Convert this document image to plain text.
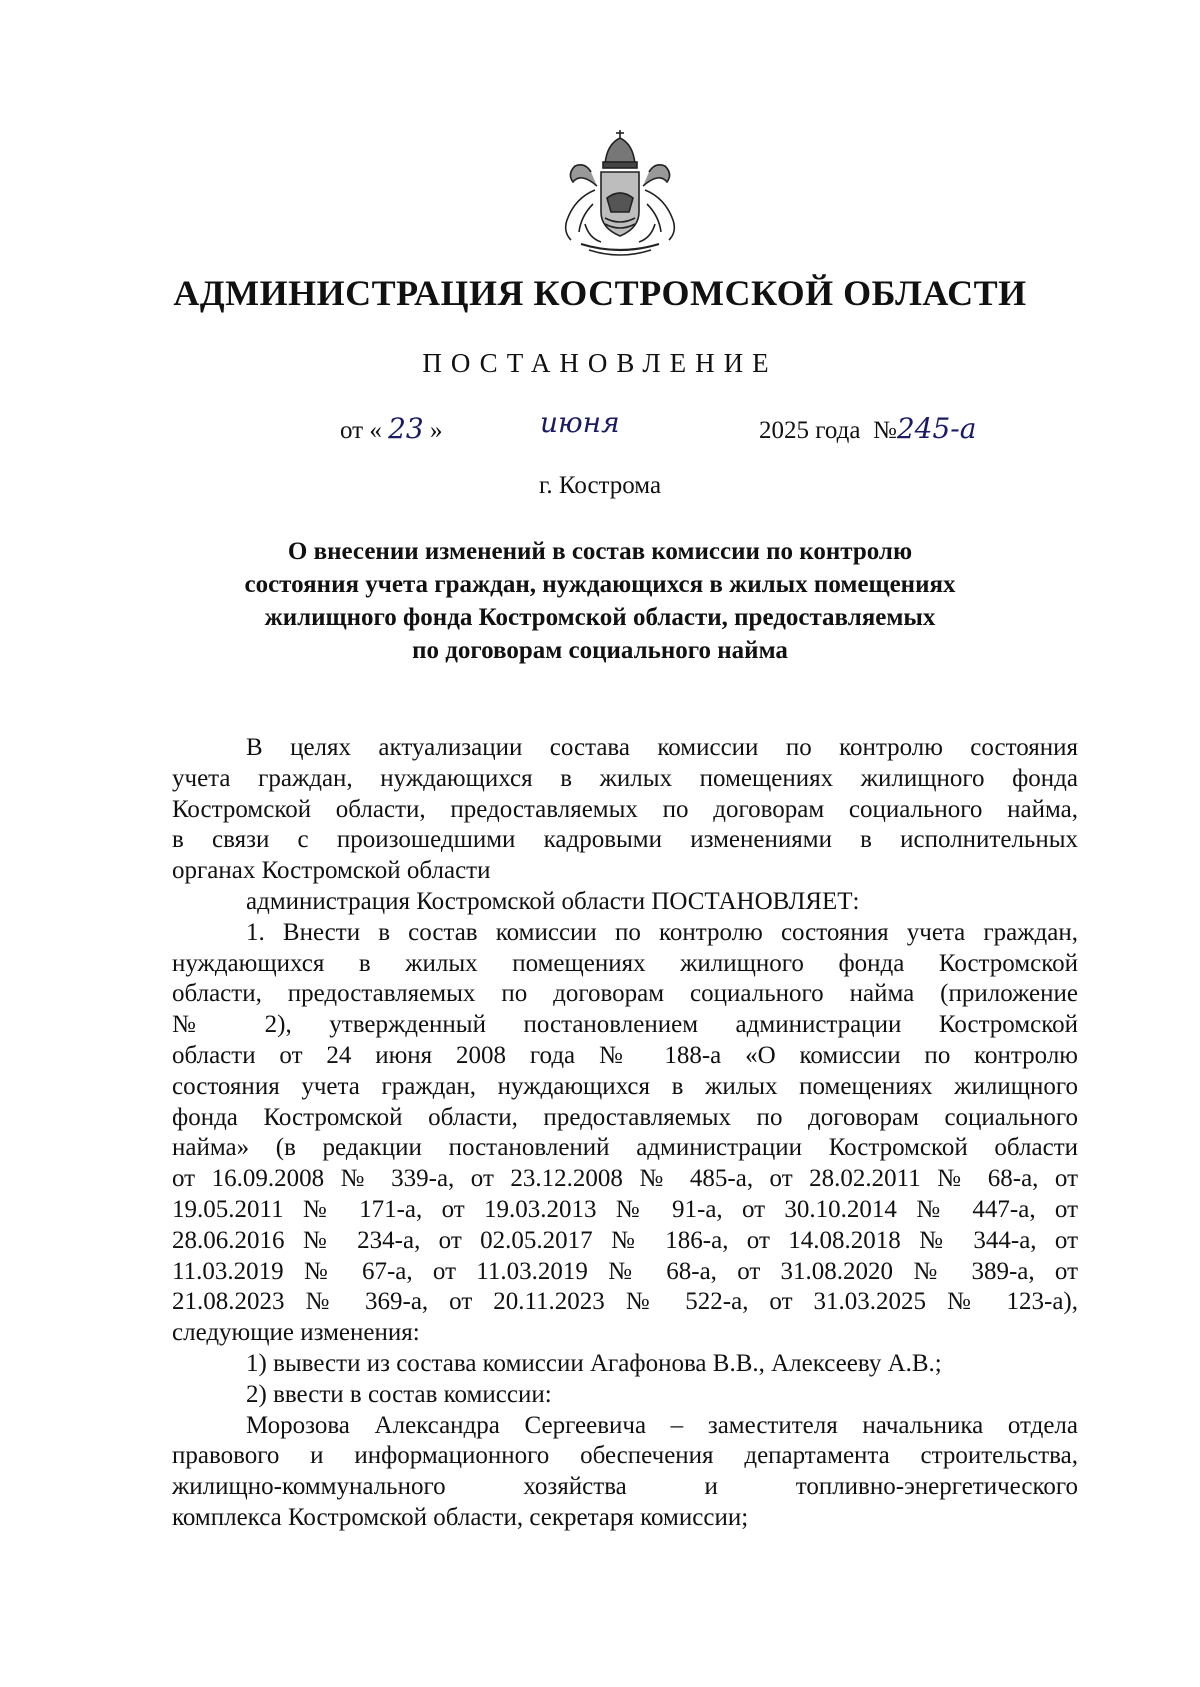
АДМИНИСТРАЦИЯ КОСТРОМСКОЙ ОБЛАСТИ
ПОСТАНОВЛЕНИЕ
от « 23 »	июня	2025 года №245-а
г. Кострома
О внесении изменений в состав комиссии по контролю
состояния учета граждан, нуждающихся в жилых помещениях
жилищного фонда Костромской области, предоставляемых
по договорам социального найма
В целях актуализации состава комиссии по контролю состояния
учета граждан, нуждающихся в жилых помещениях жилищного фонда
Костромской области, предоставляемых по договорам социального найма,
в связи с произошедшими кадровыми изменениями в исполнительных
органах Костромской области
администрация Костромской области ПОСТАНОВЛЯЕТ:
1. Внести в состав комиссии по контролю состояния учета граждан,
нуждающихся в жилых помещениях жилищного фонда Костромской
области, предоставляемых по договорам социального найма (приложение
№ 2), утвержденный постановлением администрации Костромской
области от 24 июня 2008 года № 188-а «О комиссии по контролю
состояния учета граждан, нуждающихся в жилых помещениях жилищного
фонда Костромской области, предоставляемых по договорам социального
найма» (в редакции постановлений администрации Костромской области
от 16.09.2008 № 339-а, от 23.12.2008 № 485-а, от 28.02.2011 № 68-а, от
19.05.2011 № 171-а, от 19.03.2013 № 91-а, от 30.10.2014 № 447-а, от
28.06.2016 № 234-а, от 02.05.2017 № 186-а, от 14.08.2018 № 344-а, от
11.03.2019 № 67-а, от 11.03.2019 № 68-а, от 31.08.2020 № 389-а, от
21.08.2023 № 369-а, от 20.11.2023 № 522-а, от 31.03.2025 № 123-а),
следующие изменения:
1) вывести из состава комиссии Агафонова В.В., Алексееву А.В.;
2) ввести в состав комиссии:
Морозова Александра Сергеевича – заместителя начальника отдела
правового и информационного обеспечения департамента строительства,
жилищно-коммунального хозяйства и топливно-энергетического
комплекса Костромской области, секретаря комиссии;
